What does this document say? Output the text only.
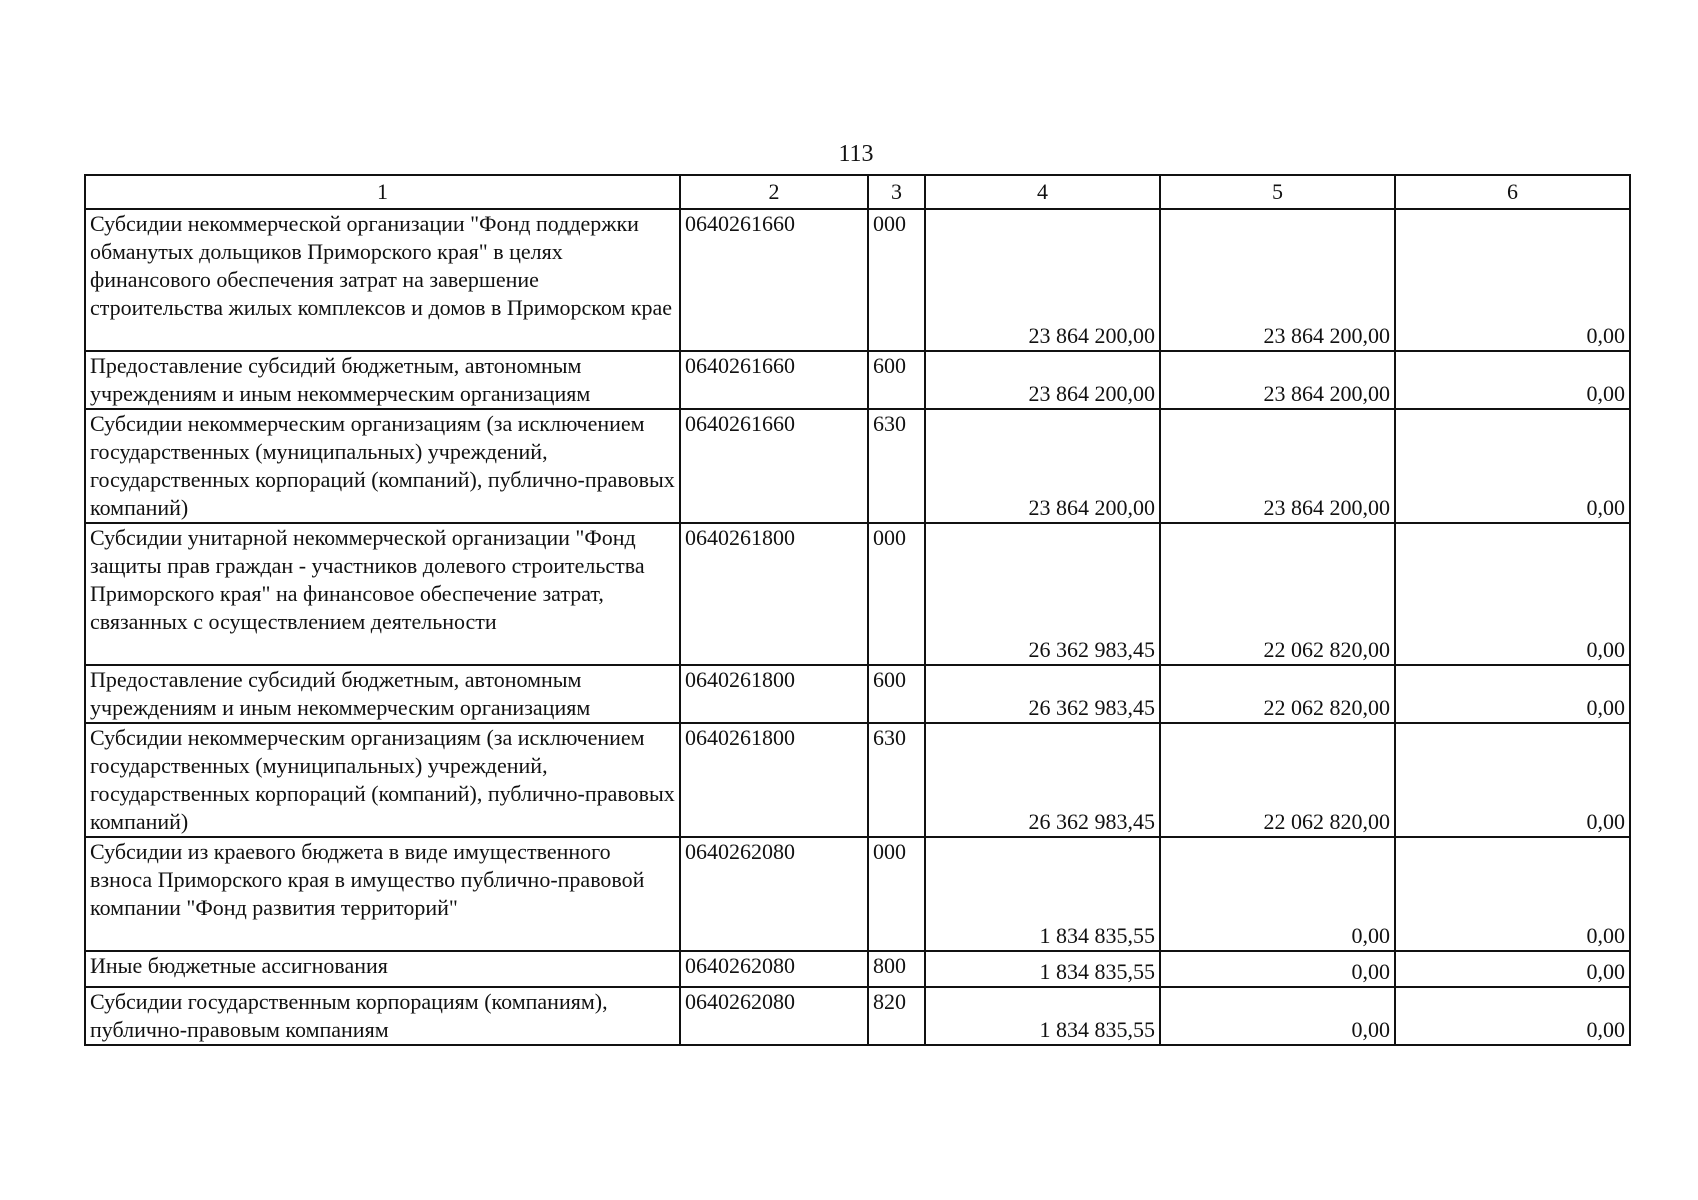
113
1	2	3	4	5	6
Субсидии некоммерческой организации "Фонд поддержки обманутых дольщиков Приморского края" в целях финансового обеспечения затрат на завершение строительства жилых комплексов и домов в Приморском крае	0640261660	000	23 864 200,00	23 864 200,00	0,00
Предоставление субсидий бюджетным, автономным учреждениям и иным некоммерческим организациям	0640261660	600	23 864 200,00	23 864 200,00	0,00
Субсидии некоммерческим организациям (за исключением государственных (муниципальных) учреждений, государственных корпораций (компаний), публично-правовых компаний)	0640261660	630	23 864 200,00	23 864 200,00	0,00
Субсидии унитарной некоммерческой организации "Фонд защиты прав граждан - участников долевого строительства Приморского края" на финансовое обеспечение затрат, связанных с осуществлением деятельности	0640261800	000	26 362 983,45	22 062 820,00	0,00
Предоставление субсидий бюджетным, автономным учреждениям и иным некоммерческим организациям	0640261800	600	26 362 983,45	22 062 820,00	0,00
Субсидии некоммерческим организациям (за исключением государственных (муниципальных) учреждений, государственных корпораций (компаний), публично-правовых компаний)	0640261800	630	26 362 983,45	22 062 820,00	0,00
Субсидии из краевого бюджета в виде имущественного взноса Приморского края в имущество публично-правовой компании "Фонд развития территорий"	0640262080	000	1 834 835,55	0,00	0,00
Иные бюджетные ассигнования	0640262080	800	1 834 835,55	0,00	0,00
Субсидии государственным корпорациям (компаниям), публично-правовым компаниям	0640262080	820	1 834 835,55	0,00	0,00
